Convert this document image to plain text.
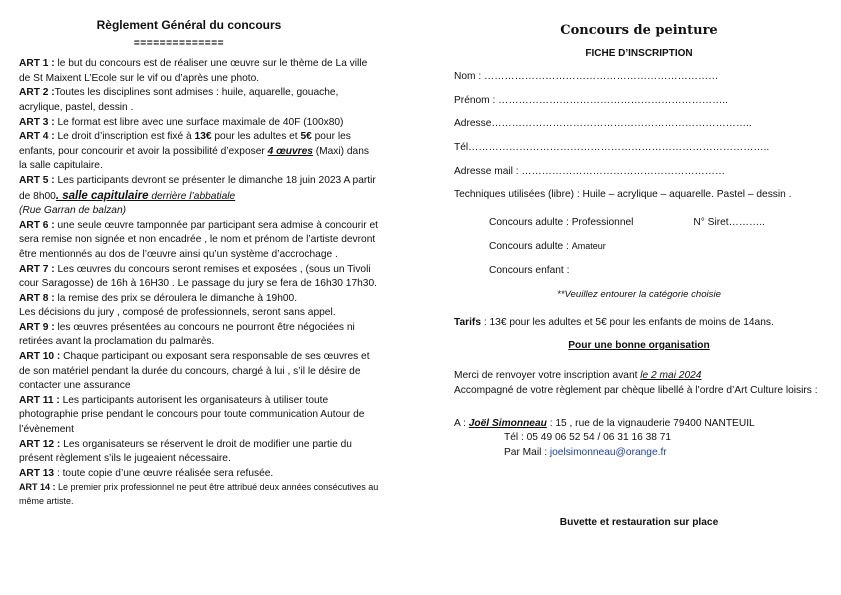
Règlement Général du concours

==============

ART 1 : le but du concours est de réaliser une œuvre sur le thème de La ville de St Maixent L’Ecole sur le vif ou d’après une photo.

ART 2 :Toutes les disciplines sont admises : huile, aquarelle, gouache, acrylique, pastel, dessin .

ART 3 : Le format est libre avec une surface maximale de 40F (100x80)

ART 4 : Le droit d’inscription est fixé à 13€ pour les adultes et 5€ pour les enfants, pour concourir et avoir la possibilité d’exposer 4 œuvres (Maxi) dans la salle capitulaire.

ART 5 : Les participants devront se présenter le dimanche 18 juin 2023 A partir de 8h00. salle capitulaire derrière l’abbatiale
(Rue Garran de balzan)

ART 6 : une seule œuvre tamponnée par participant sera admise à concourir et sera remise non signée et non encadrée , le nom et prénom de l’artiste devront être mentionnés au dos de l’œuvre ainsi qu’un système d’accrochage .

ART 7 : Les œuvres du concours seront remises et exposées , (sous un Tivoli cour Saragosse) de 16h à 16H30 . Le passage du jury se fera de 16h30 17h30.

ART 8 : la remise des prix se déroulera le dimanche à 19h00.
Les décisions du jury , composé de professionnels, seront sans appel.

ART 9 : les œuvres présentées au concours ne pourront être négociées ni retirées avant la proclamation du palmarès.

ART 10 : Chaque participant ou exposant sera responsable de ses œuvres et de son matériel pendant la durée du concours, chargé à lui , s’il le désire de contacter une assurance

ART 11 : Les participants autorisent les organisateurs à utiliser toute photographie prise pendant le concours pour toute communication Autour de l’évènement

ART 12 : Les organisateurs se réservent le droit de modifier une partie du présent règlement s’ils le jugeaient nécessaire.

ART 13 : toute copie d’une œuvre réalisée sera refusée.

ART 14 : Le premier prix professionnel ne peut être attribué deux années consécutives au même artiste.

Concours de peinture

FICHE D’INSCRIPTION

Nom : ……………………………………………………………

Prénom : …………………………………………………………..

Adresse…………………………………………………………………..

Tél……………………………………………………………………………..

Adresse mail : ……………………………………………………

Techniques utilisées (libre) : Huile – acrylique – aquarelle. Pastel – dessin .

Concours adulte : Professionnel	N° Siret………..

Concours adulte : Amateur

Concours enfant :

**Veuillez entourer la catégorie choisie

Tarifs : 13€ pour les adultes et 5€ pour les enfants de moins de 14ans.

Pour une bonne organisation

Merci de renvoyer votre inscription avant le 2 mai 2024
Accompagné de votre règlement par chèque libellé à l’ordre d’Art Culture loisirs :

A : Joël Simonneau : 15 , rue de la vignauderie 79400 NANTEUIL

Tél : 05 49 06 52 54 / 06 31 16 38 71

Par Mail : joelsimonneau@orange.fr

Buvette et restauration sur place
